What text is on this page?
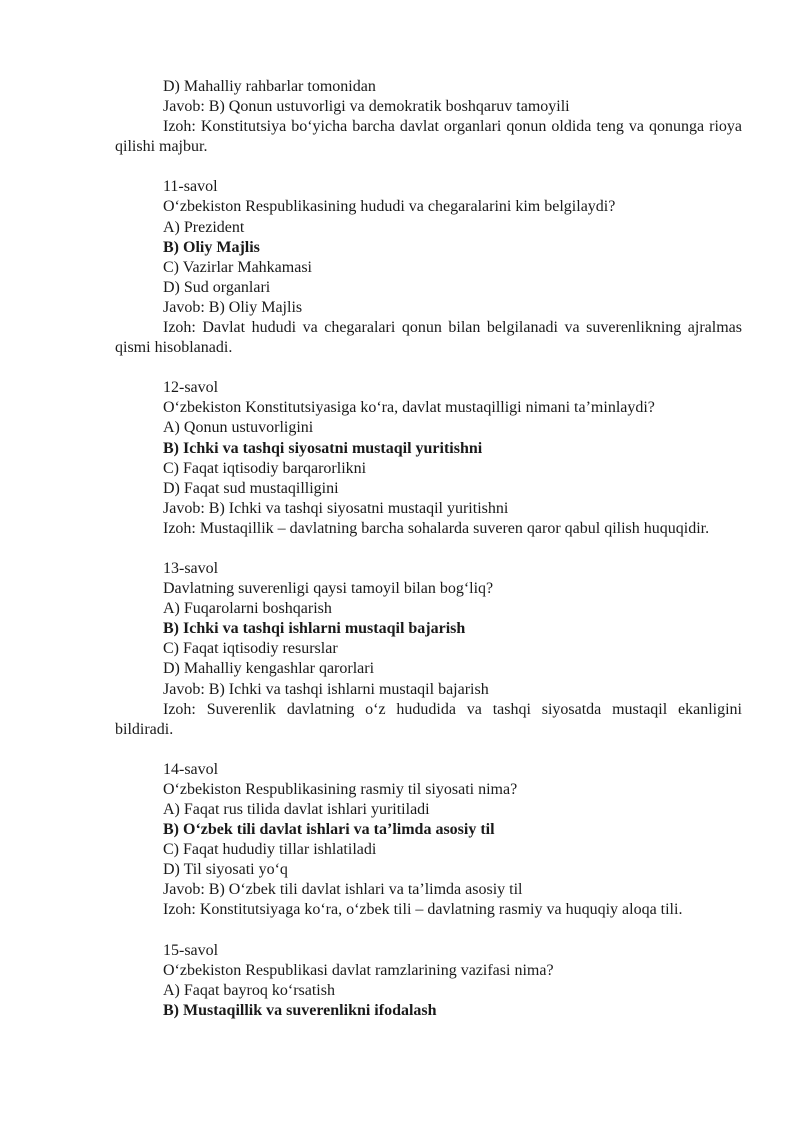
D) Mahalliy rahbarlar tomonidan
Javob: B) Qonun ustuvorligi va demokratik boshqaruv tamoyili
Izoh: Konstitutsiya bo‘yicha barcha davlat organlari qonun oldida teng va qonunga rioya qilishi majbur.
11-savol
O‘zbekiston Respublikasining hududi va chegaralarini kim belgilaydi?
A) Prezident
B) Oliy Majlis
C) Vazirlar Mahkamasi
D) Sud organlari
Javob: B) Oliy Majlis
Izoh: Davlat hududi va chegaralari qonun bilan belgilanadi va suverenlikning ajralmas qismi hisoblanadi.
12-savol
O‘zbekiston Konstitutsiyasiga ko‘ra, davlat mustaqilligi nimani ta’minlaydi?
A) Qonun ustuvorligini
B) Ichki va tashqi siyosatni mustaqil yuritishni
C) Faqat iqtisodiy barqarorlikni
D) Faqat sud mustaqilligini
Javob: B) Ichki va tashqi siyosatni mustaqil yuritishni
Izoh: Mustaqillik – davlatning barcha sohalarda suveren qaror qabul qilish huquqidir.
13-savol
Davlatning suverenligi qaysi tamoyil bilan bog‘liq?
A) Fuqarolarni boshqarish
B) Ichki va tashqi ishlarni mustaqil bajarish
C) Faqat iqtisodiy resurslar
D) Mahalliy kengashlar qarorlari
Javob: B) Ichki va tashqi ishlarni mustaqil bajarish
Izoh: Suverenlik davlatning o‘z hududida va tashqi siyosatda mustaqil ekanligini bildiradi.
14-savol
O‘zbekiston Respublikasining rasmiy til siyosati nima?
A) Faqat rus tilida davlat ishlari yuritiladi
B) O‘zbek tili davlat ishlari va ta’limda asosiy til
C) Faqat hududiy tillar ishlatiladi
D) Til siyosati yo‘q
Javob: B) O‘zbek tili davlat ishlari va ta’limda asosiy til
Izoh: Konstitutsiyaga ko‘ra, o‘zbek tili – davlatning rasmiy va huquqiy aloqa tili.
15-savol
O‘zbekiston Respublikasi davlat ramzlarining vazifasi nima?
A) Faqat bayroq ko‘rsatish
B) Mustaqillik va suverenlikni ifodalash
